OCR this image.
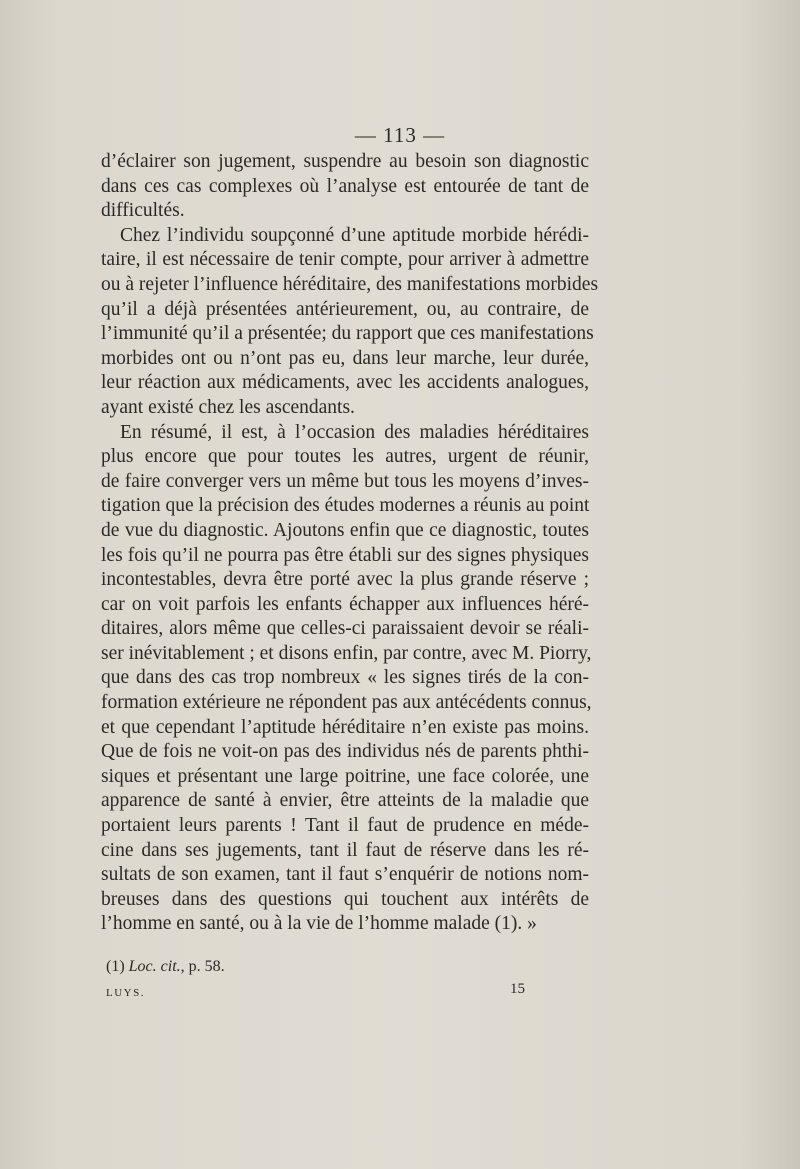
— 113 —
d’éclairer son jugement, suspendre au besoin son diagnostic
dans ces cas complexes où l’analyse est entourée de tant de
difficultés.
Chez l’individu soupçonné d’une aptitude morbide hérédi-
taire, il est nécessaire de tenir compte, pour arriver à admettre
ou à rejeter l’influence héréditaire, des manifestations morbides
qu’il a déjà présentées antérieurement, ou, au contraire, de
l’immunité qu’il a présentée; du rapport que ces manifestations
morbides ont ou n’ont pas eu, dans leur marche, leur durée,
leur réaction aux médicaments, avec les accidents analogues,
ayant existé chez les ascendants.
En résumé, il est, à l’occasion des maladies héréditaires
plus encore que pour toutes les autres, urgent de réunir,
de faire converger vers un même but tous les moyens d’inves-
tigation que la précision des études modernes a réunis au point
de vue du diagnostic. Ajoutons enfin que ce diagnostic, toutes
les fois qu’il ne pourra pas être établi sur des signes physiques
incontestables, devra être porté avec la plus grande réserve ;
car on voit parfois les enfants échapper aux influences héré-
ditaires, alors même que celles-ci paraissaient devoir se réali-
ser inévitablement ; et disons enfin, par contre, avec M. Piorry,
que dans des cas trop nombreux « les signes tirés de la con-
formation extérieure ne répondent pas aux antécédents connus,
et que cependant l’aptitude héréditaire n’en existe pas moins.
Que de fois ne voit-on pas des individus nés de parents phthi-
siques et présentant une large poitrine, une face colorée, une
apparence de santé à envier, être atteints de la maladie que
portaient leurs parents ! Tant il faut de prudence en méde-
cine dans ses jugements, tant il faut de réserve dans les ré-
sultats de son examen, tant il faut s’enquérir de notions nom-
breuses dans des questions qui touchent aux intérêts de
l’homme en santé, ou à la vie de l’homme malade (1). »
(1) Loc. cit., p. 58.
LUYS.	15
